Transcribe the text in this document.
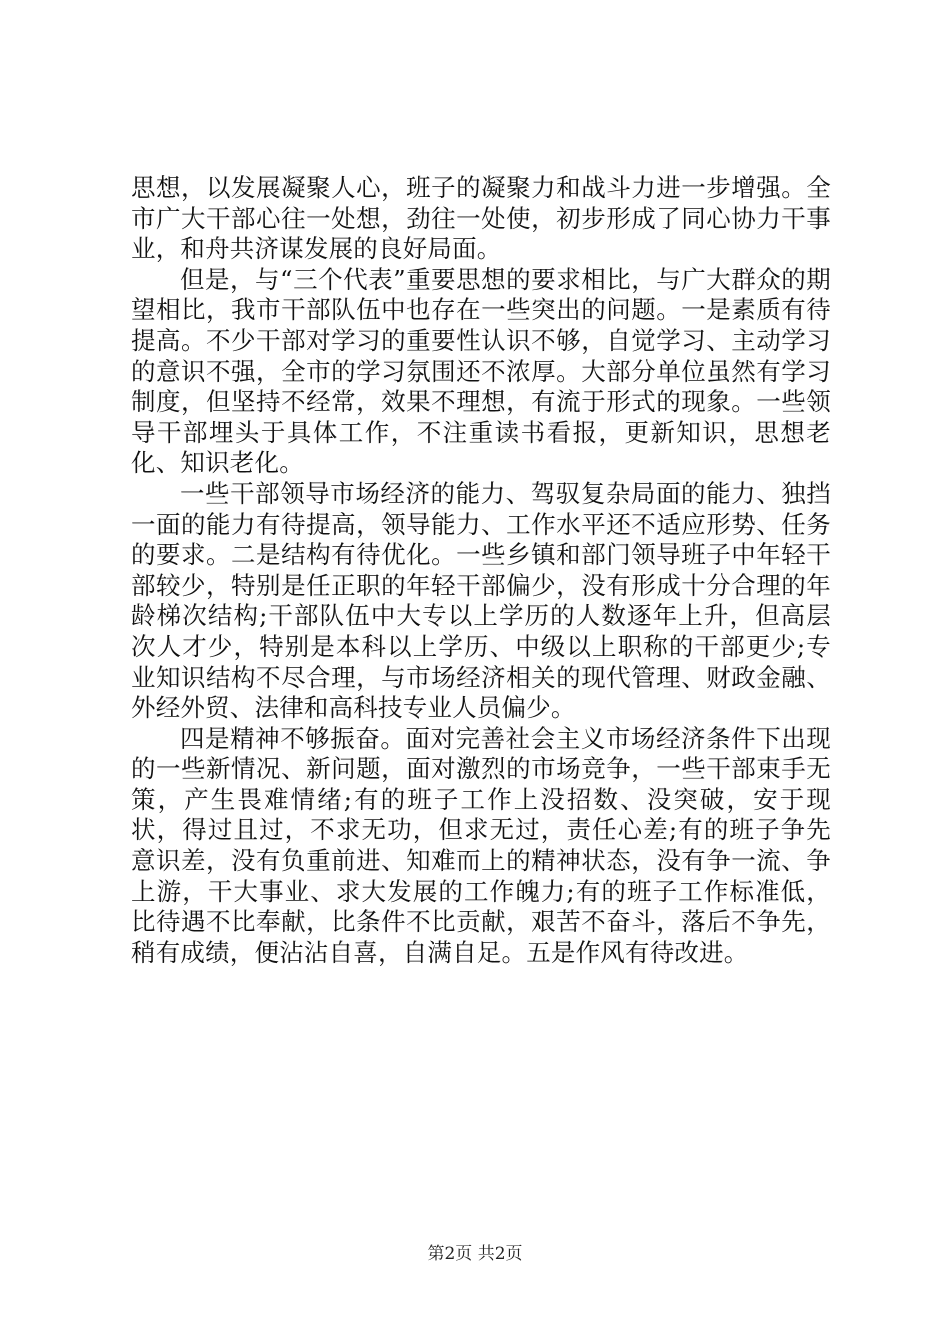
思想，以发展凝聚人心，班子的凝聚力和战斗力进一步增强。全市广大干部心往一处想，劲往一处使，初步形成了同心协力干事业，和舟共济谋发展的良好局面。

但是，与“三个代表”重要思想的要求相比，与广大群众的期望相比，我市干部队伍中也存在一些突出的问题。一是素质有待提高。不少干部对学习的重要性认识不够，自觉学习、主动学习的意识不强，全市的学习氛围还不浓厚。大部分单位虽然有学习制度，但坚持不经常，效果不理想，有流于形式的现象。一些领导干部埋头于具体工作，不注重读书看报，更新知识，思想老化、知识老化。

一些干部领导市场经济的能力、驾驭复杂局面的能力、独挡一面的能力有待提高，领导能力、工作水平还不适应形势、任务的要求。二是结构有待优化。一些乡镇和部门领导班子中年轻干部较少，特别是任正职的年轻干部偏少，没有形成十分合理的年龄梯次结构;干部队伍中大专以上学历的人数逐年上升，但高层次人才少，特别是本科以上学历、中级以上职称的干部更少;专业知识结构不尽合理，与市场经济相关的现代管理、财政金融、外经外贸、法律和高科技专业人员偏少。

四是精神不够振奋。面对完善社会主义市场经济条件下出现的一些新情况、新问题，面对激烈的市场竞争，一些干部束手无策，产生畏难情绪;有的班子工作上没招数、没突破，安于现状，得过且过，不求无功，但求无过，责任心差;有的班子争先意识差，没有负重前进、知难而上的精神状态，没有争一流、争上游，干大事业、求大发展的工作魄力;有的班子工作标准低，比待遇不比奉献，比条件不比贡献，艰苦不奋斗，落后不争先，稍有成绩，便沾沾自喜，自满自足。五是作风有待改进。

第2页 共2页
